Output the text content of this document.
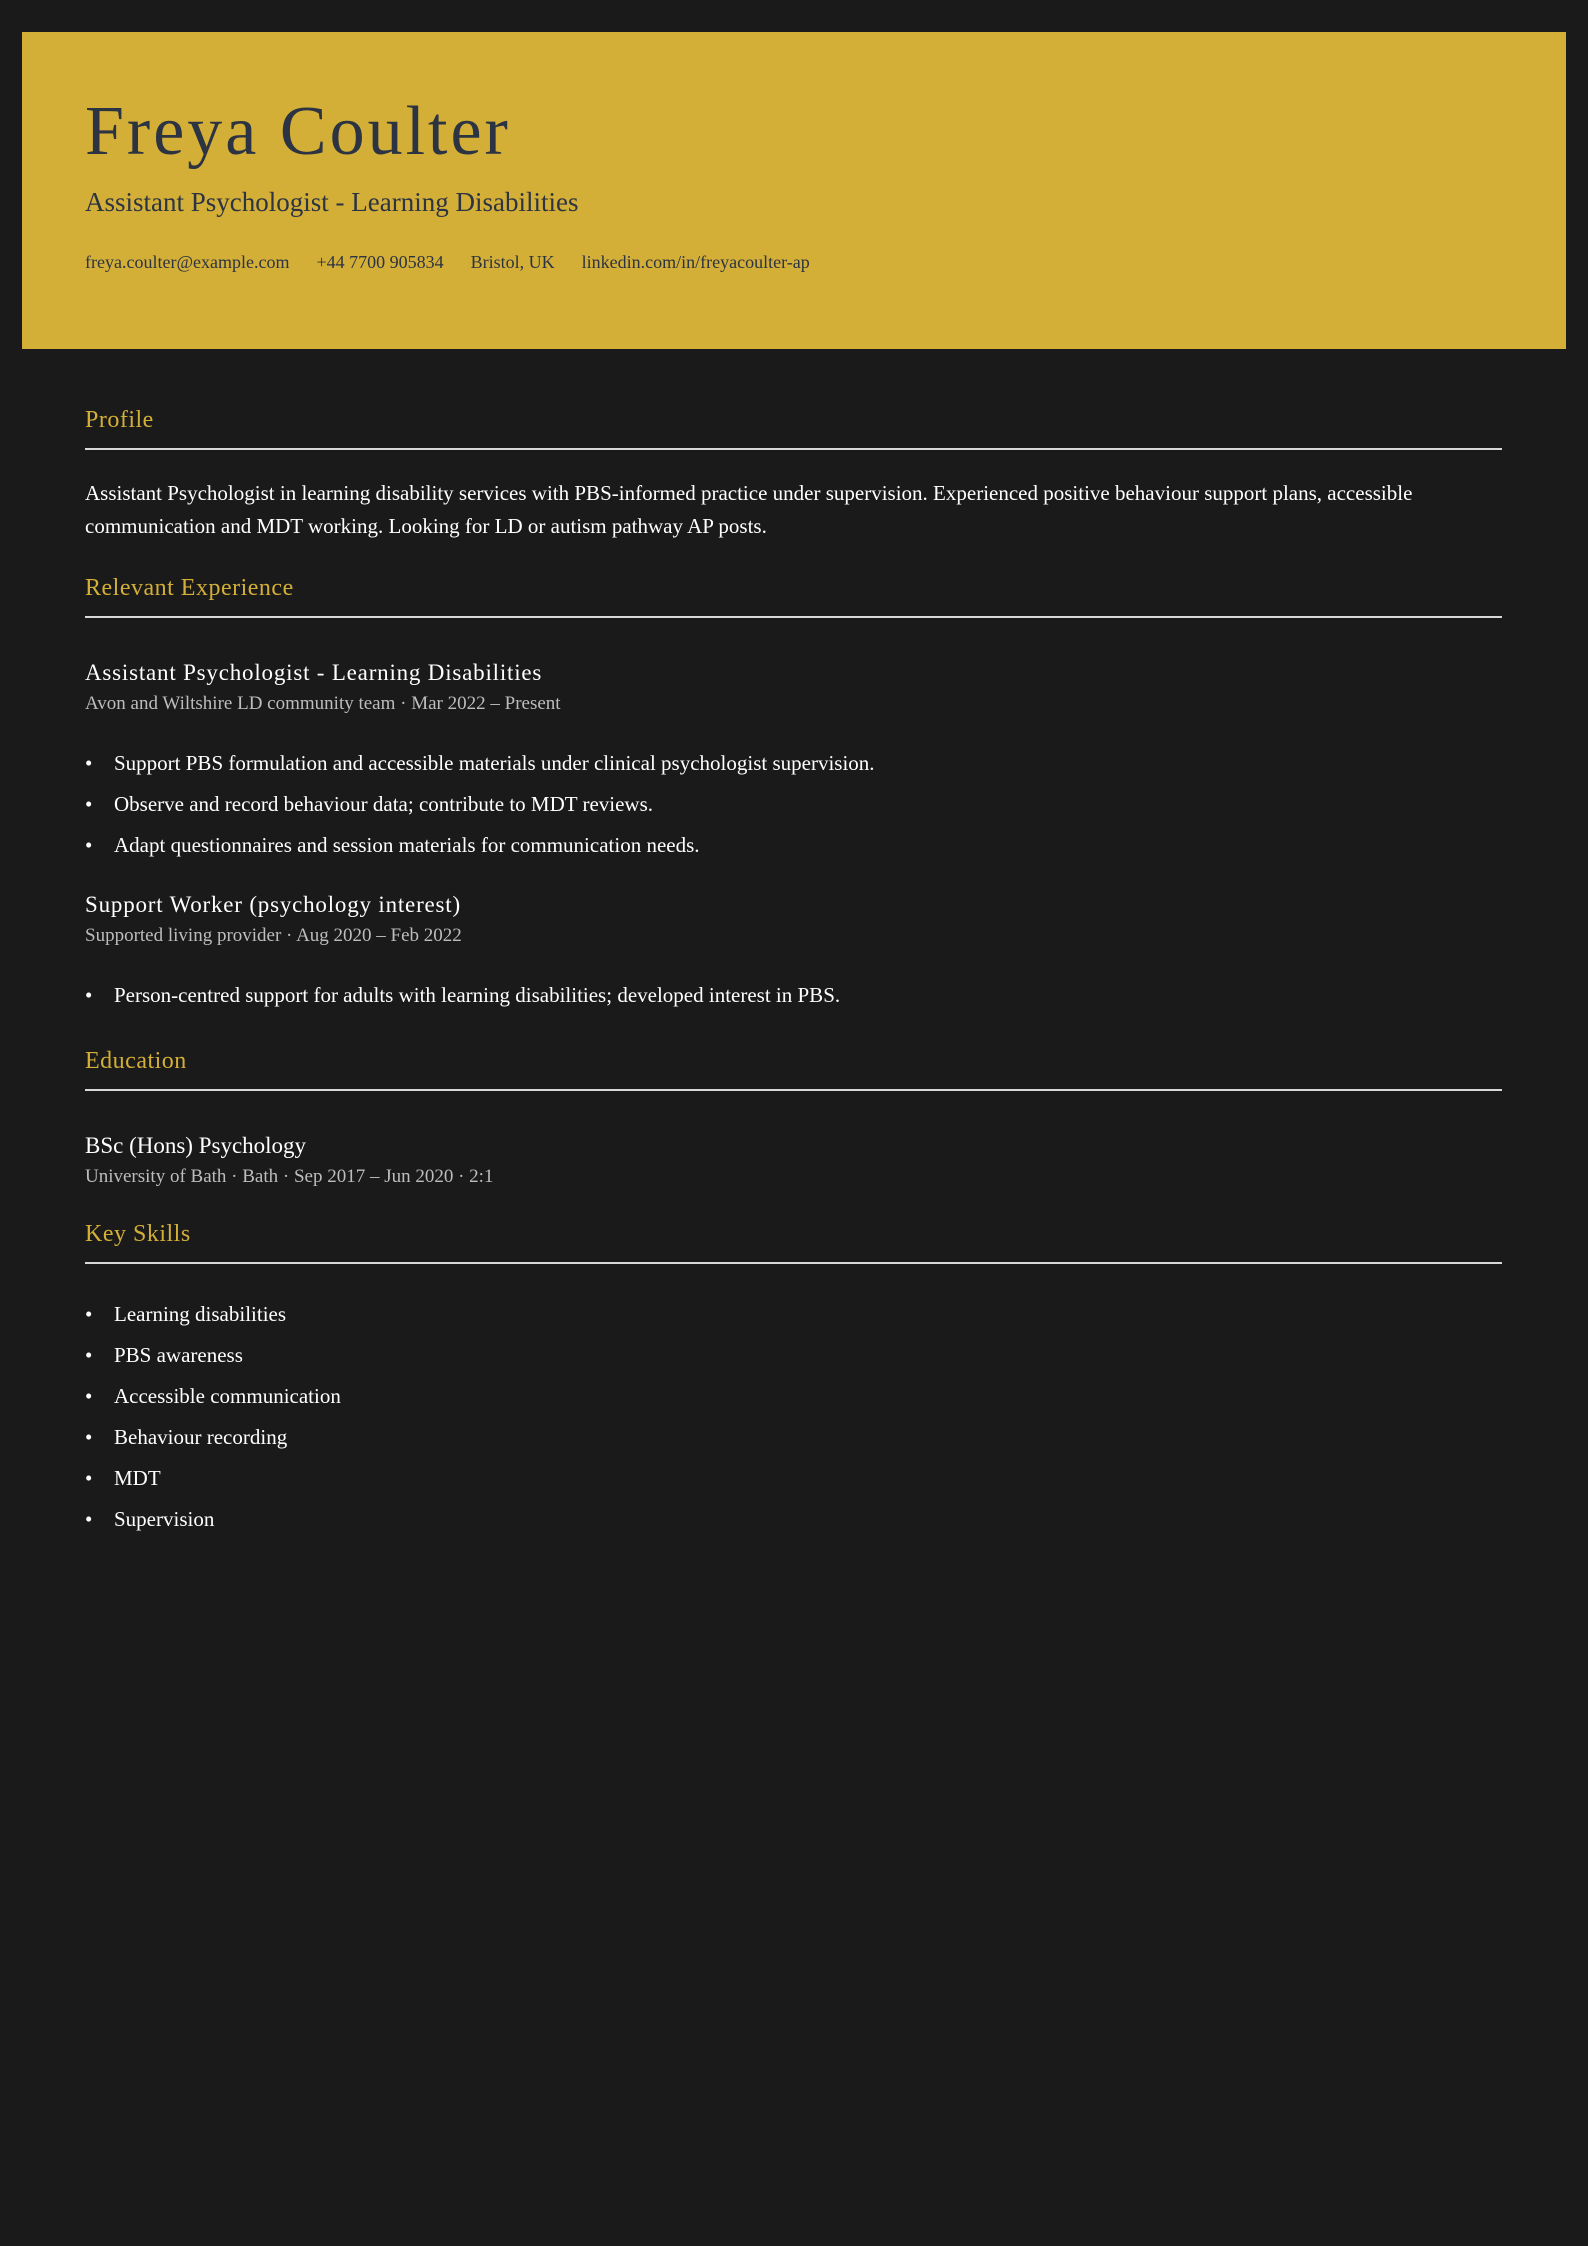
Freya Coulter
Assistant Psychologist - Learning Disabilities
freya.coulter@example.com +44 7700 905834 Bristol, UK linkedin.com/in/freyacoulter-ap
Profile

Assistant Psychologist in learning disability services with PBS-informed practice under supervision. Experienced positive behaviour support plans, accessible communication and MDT working. Looking for LD or autism pathway AP posts.

Relevant Experience
Assistant Psychologist - Learning Disabilities
Avon and Wiltshire LD community team · Mar 2022 – Present
• Support PBS formulation and accessible materials under clinical psychologist supervision.
• Observe and record behaviour data; contribute to MDT reviews.
• Adapt questionnaires and session materials for communication needs.
Support Worker (psychology interest)
Supported living provider · Aug 2020 – Feb 2022
• Person-centred support for adults with learning disabilities; developed interest in PBS.
Education
BSc (Hons) Psychology
University of Bath · Bath · Sep 2017 – Jun 2020 · 2:1
Key Skills
• Learning disabilities
• PBS awareness
• Accessible communication
• Behaviour recording
• MDT
• Supervision
